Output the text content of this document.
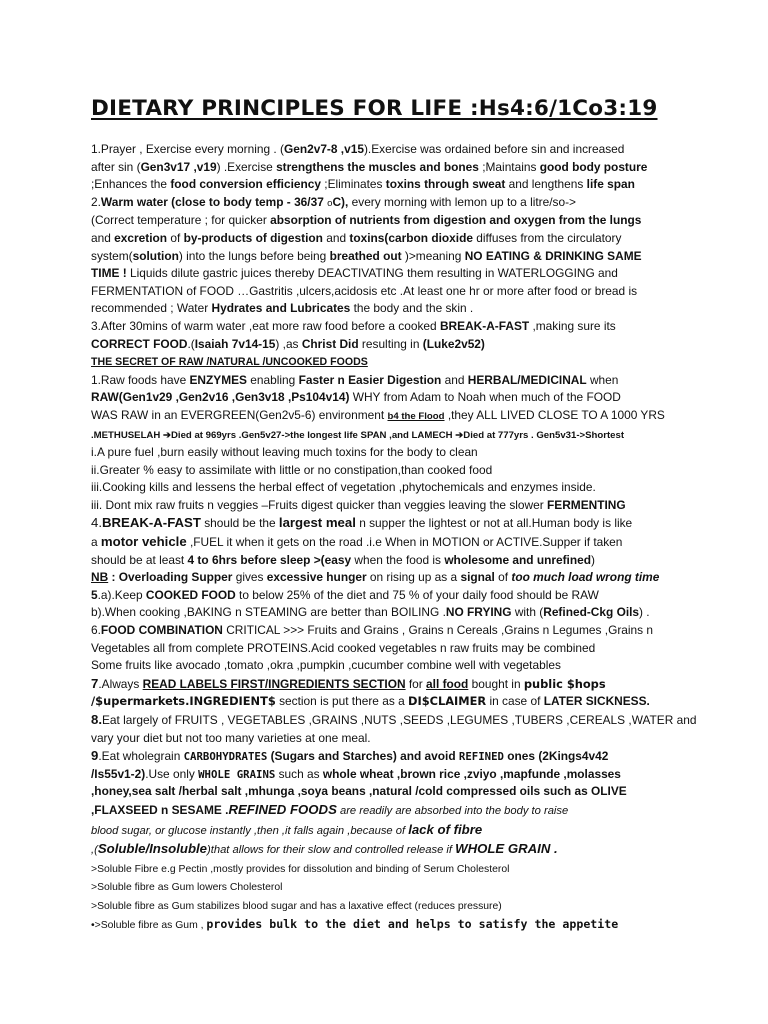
DIETARY PRINCIPLES FOR LIFE :Hs4:6/1Co3:19
1.Prayer , Exercise every morning . (Gen2v7-8 ,v15).Exercise was ordained before sin and increased
after sin (Gen3v17 ,v19) .Exercise strengthens the muscles and bones ;Maintains good body posture
;Enhances the food conversion efficiency ;Eliminates toxins through sweat and lengthens life span
2.Warm water (close to body temp - 36/37 oC), every morning with lemon up to a litre/so->
(Correct temperature ; for quicker absorption of nutrients from digestion and oxygen from the lungs
and excretion of by-products of digestion and toxins(carbon dioxide diffuses from the circulatory
system(solution) into the lungs before being breathed out )>meaning NO EATING & DRINKING SAME
TIME ! Liquids dilute gastric juices thereby DEACTIVATING them resulting in WATERLOGGING and
FERMENTATION of FOOD …Gastritis ,ulcers,acidosis etc .At least one hr or more after food or bread is
recommended ; Water Hydrates and Lubricates the body and the skin .
3.After 30mins of warm water ,eat more raw food before a cooked BREAK-A-FAST ,making sure its
CORRECT FOOD.(Isaiah 7v14-15) ,as Christ Did resulting in (Luke2v52)
THE SECRET OF RAW /NATURAL /UNCOOKED FOODS
1.Raw foods have ENZYMES enabling Faster n Easier Digestion and HERBAL/MEDICINAL when
RAW(Gen1v29 ,Gen2v16 ,Gen3v18 ,Ps104v14) WHY from Adam to Noah when much of the FOOD
WAS RAW in an EVERGREEN(Gen2v5-6) environment b4 the Flood ,they ALL LIVED CLOSE TO A 1000 YRS
.METHUSELAH ➔Died at 969yrs .Gen5v27->the longest life SPAN ,and LAMECH ➔Died at 777yrs . Gen5v31->Shortest
i.A pure fuel ,burn easily without leaving much toxins for the body to clean
ii.Greater % easy to assimilate with little or no constipation,than cooked food
iii.Cooking kills and lessens the herbal effect of vegetation ,phytochemicals and enzymes inside.
iii. Dont mix raw fruits n veggies –Fruits digest quicker than veggies leaving the slower FERMENTING
4.BREAK-A-FAST should be the largest meal n supper the lightest or not at all.Human body is like
a motor vehicle ,FUEL it when it gets on the road .i.e When in MOTION or ACTIVE.Supper if taken
should be at least 4 to 6hrs before sleep >(easy when the food is wholesome and unrefined)
NB : Overloading Supper gives excessive hunger on rising up as a signal of too much load wrong time
5.a).Keep COOKED FOOD to below 25% of the diet and 75 % of your daily food should be RAW
b).When cooking ,BAKING n STEAMING are better than BOILING .NO FRYING with (Refined-Ckg Oils) .
6.FOOD COMBINATION CRITICAL >>> Fruits and Grains , Grains n Cereals ,Grains n Legumes ,Grains n
Vegetables all from complete PROTEINS.Acid cooked vegetables n raw fruits may be combined
Some fruits like avocado ,tomato ,okra ,pumpkin ,cucumber combine well with vegetables
7.Always READ LABELS FIRST/INGREDIENTS SECTION for all food bought in public $hops
/$upermarkets.INGREDIENT$ section is put there as a DI$CLAIMER in case of LATER SICKNESS.
8.Eat largely of FRUITS , VEGETABLES ,GRAINS ,NUTS ,SEEDS ,LEGUMES ,TUBERS ,CEREALS ,WATER and
vary your diet but not too many varieties at one meal.
9.Eat wholegrain CARBOHYDRATES (Sugars and Starches) and avoid REFINED ones (2Kings4v42
/Is55v1-2).Use only WHOLE GRAINS such as whole wheat ,brown rice ,zviyo ,mapfunde ,molasses
,honey,sea salt /herbal salt ,mhunga ,soya beans ,natural /cold compressed oils such as OLIVE
,FLAXSEED n SESAME .REFINED FOODS are readily are absorbed into the body to raise
blood sugar, or glucose instantly ,then ,it falls again ,because of lack of fibre
,(Soluble/Insoluble)that allows for their slow and controlled release if WHOLE GRAIN .
>Soluble Fibre e.g Pectin ,mostly provides for dissolution and binding of Serum Cholesterol
>Soluble fibre as Gum lowers Cholesterol
>Soluble fibre as Gum stabilizes blood sugar and has a laxative effect (reduces pressure)
•>Soluble fibre as Gum , provides bulk to the diet and helps to satisfy the appetite
